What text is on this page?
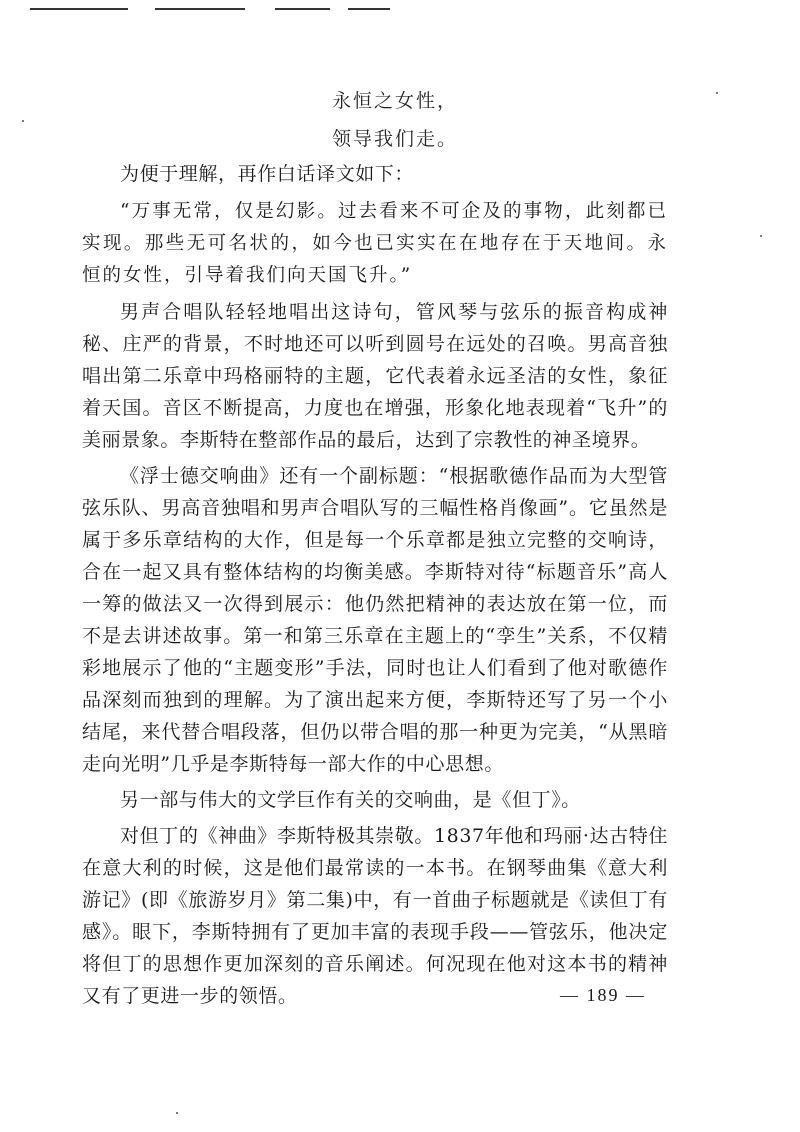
永恒之女性，
领导我们走。

为便于理解，再作白话译文如下：

“万事无常，仅是幻影。过去看来不可企及的事物，此刻都已实现。那些无可名状的，如今也已实实在在地存在于天地间。永恒的女性，引导着我们向天国飞升。”

男声合唱队轻轻地唱出这诗句，管风琴与弦乐的振音构成神秘、庄严的背景，不时地还可以听到圆号在远处的召唤。男高音独唱出第二乐章中玛格丽特的主题，它代表着永远圣洁的女性，象征着天国。音区不断提高，力度也在增强，形象化地表现着“飞升”的美丽景象。李斯特在整部作品的最后，达到了宗教性的神圣境界。

《浮士德交响曲》还有一个副标题：“根据歌德作品而为大型管弦乐队、男高音独唱和男声合唱队写的三幅性格肖像画”。它虽然是属于多乐章结构的大作，但是每一个乐章都是独立完整的交响诗，合在一起又具有整体结构的均衡美感。李斯特对待“标题音乐”高人一筹的做法又一次得到展示：他仍然把精神的表达放在第一位，而不是去讲述故事。第一和第三乐章在主题上的“孪生”关系，不仅精彩地展示了他的“主题变形”手法，同时也让人们看到了他对歌德作品深刻而独到的理解。为了演出起来方便，李斯特还写了另一个小结尾，来代替合唱段落，但仍以带合唱的那一种更为完美，“从黑暗走向光明”几乎是李斯特每一部大作的中心思想。

另一部与伟大的文学巨作有关的交响曲，是《但丁》。

对但丁的《神曲》李斯特极其崇敬。1837年他和玛丽·达古特住在意大利的时候，这是他们最常读的一本书。在钢琴曲集《意大利游记》(即《旅游岁月》第二集)中，有一首曲子标题就是《读但丁有感》。眼下，李斯特拥有了更加丰富的表现手段——管弦乐，他决定将但丁的思想作更加深刻的音乐阐述。何况现在他对这本书的精神又有了更进一步的领悟。	— 189 —
